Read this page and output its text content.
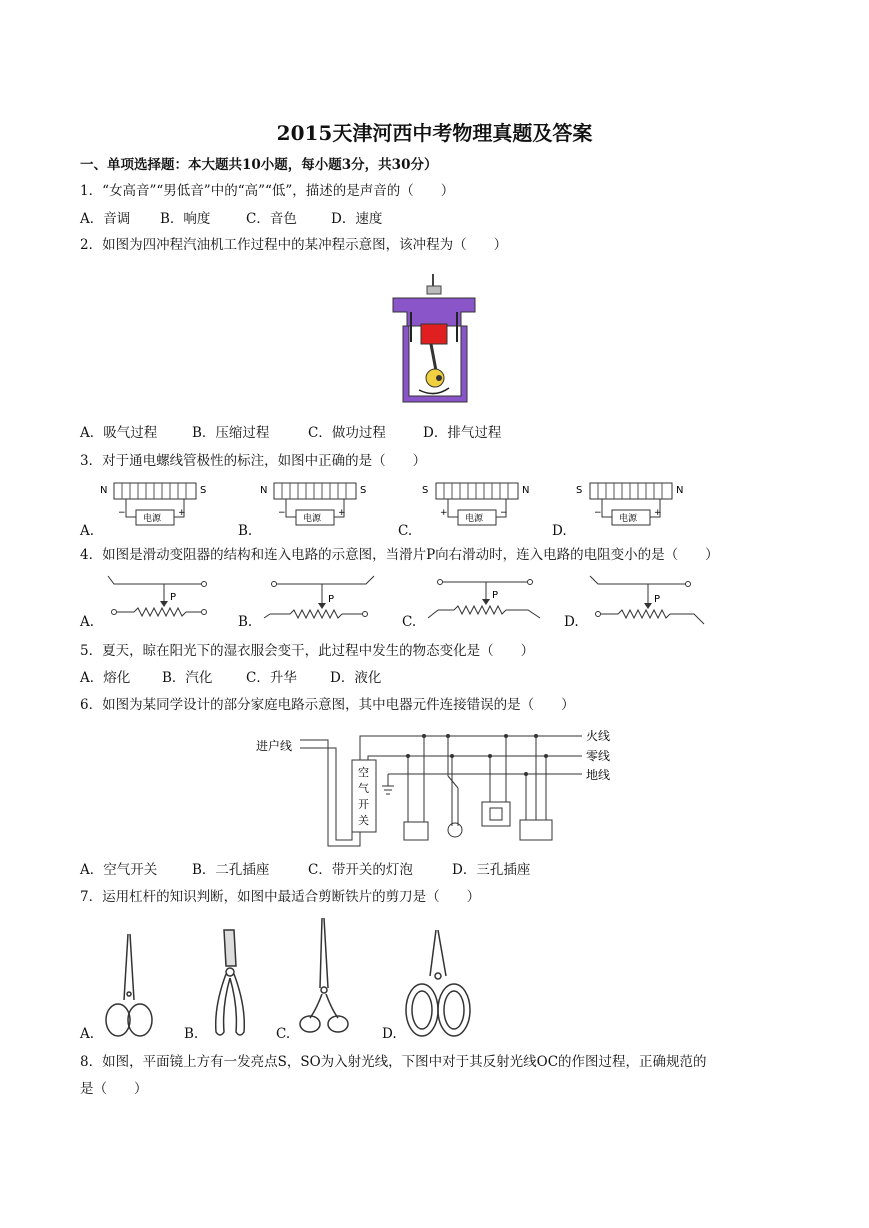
2015天津河西中考物理真题及答案
一、单项选择题：本大题共10小题，每小题3分，共30分）
1．“女高音”“男低音”中的“高”“低”，描述的是声音的（　　）
A．音调 B．响度	C．音色	D．速度
2．如图为四冲程汽油机工作过程中的某冲程示意图，该冲程为（　　）
A．吸气过程	B．压缩过程	C．做功过程	D．排气过程
3．对于通电螺线管极性的标注，如图中正确的是（　　）
A.	B.	C.	D.
N	S
电源
−	+
N	S
电源
−	+
S	N
电源
+	−
S	N
电源
−	+
4．如图是滑动变阻器的结构和连入电路的示意图，当滑片P向右滑动时，连入电路的电阻变小的是（　　）
A.	B.	C.	D.
P	P	P	P
5．夏天，晾在阳光下的湿衣服会变干，此过程中发生的物态变化是（　　）
A．熔化 B．汽化 C．升华 D．液化
6．如图为某同学设计的部分家庭电路示意图，其中电器元件连接错误的是（　　）
进户线
火线
零线
地线
空
气
开
关
A．空气开关	B．二孔插座	C．带开关的灯泡	D．三孔插座
7．运用杠杆的知识判断，如图中最适合剪断铁片的剪刀是（　　）
A.	B.	C.	D.
8．如图，平面镜上方有一发亮点S，SO为入射光线，下图中对于其反射光线OC的作图过程，正确规范的
是（　　）
